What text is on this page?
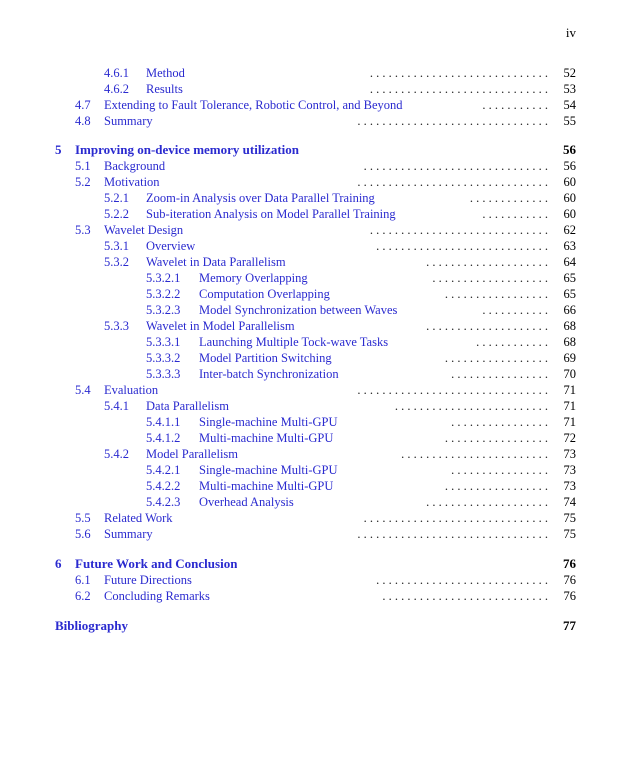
iv
4.6.1 Method	52
. . . . . . . . . . . . . . . . . . . . . . . . . . . . .
4.6.2 Results	53
. . . . . . . . . . . . . . . . . . . . . . . . . . . . .
4.7 Extending to Fault Tolerance, Robotic Control, and Beyond	54
. . . . . . . . . . .
4.8 Summary	55
. . . . . . . . . . . . . . . . . . . . . . . . . . . . . . .
5 Improving on-device memory utilization	56
5.1 Background	56
. . . . . . . . . . . . . . . . . . . . . . . . . . . . . .
5.2 Motivation	60
. . . . . . . . . . . . . . . . . . . . . . . . . . . . . . .
5.2.1 Zoom-in Analysis over Data Parallel Training	60
. . . . . . . . . . . . .
5.2.2 Sub-iteration Analysis on Model Parallel Training	60
. . . . . . . . . . .
5.3 Wavelet Design	62
. . . . . . . . . . . . . . . . . . . . . . . . . . . . .
5.3.1 Overview	63
. . . . . . . . . . . . . . . . . . . . . . . . . . . .
5.3.2 Wavelet in Data Parallelism	64
. . . . . . . . . . . . . . . . . . . .
5.3.2.1 Memory Overlapping	65
. . . . . . . . . . . . . . . . . . .
5.3.2.2 Computation Overlapping	65
. . . . . . . . . . . . . . . . .
5.3.2.3 Model Synchronization between Waves	66
. . . . . . . . . . .
5.3.3 Wavelet in Model Parallelism	68
. . . . . . . . . . . . . . . . . . . .
5.3.3.1 Launching Multiple Tock-wave Tasks	68
. . . . . . . . . . . .
5.3.3.2 Model Partition Switching	69
. . . . . . . . . . . . . . . . .
5.3.3.3 Inter-batch Synchronization	70
. . . . . . . . . . . . . . . .
5.4 Evaluation	71
. . . . . . . . . . . . . . . . . . . . . . . . . . . . . . .
5.4.1 Data Parallelism	71
. . . . . . . . . . . . . . . . . . . . . . . . .
5.4.1.1 Single-machine Multi-GPU	71
. . . . . . . . . . . . . . . .
5.4.1.2 Multi-machine Multi-GPU	72
. . . . . . . . . . . . . . . . .
5.4.2 Model Parallelism	73
. . . . . . . . . . . . . . . . . . . . . . . .
5.4.2.1 Single-machine Multi-GPU	73
. . . . . . . . . . . . . . . .
5.4.2.2 Multi-machine Multi-GPU	73
. . . . . . . . . . . . . . . . .
5.4.2.3 Overhead Analysis	74
. . . . . . . . . . . . . . . . . . . .
5.5 Related Work	75
. . . . . . . . . . . . . . . . . . . . . . . . . . . . . .
5.6 Summary	75
. . . . . . . . . . . . . . . . . . . . . . . . . . . . . . .
6 Future Work and Conclusion	76
6.1 Future Directions	76
. . . . . . . . . . . . . . . . . . . . . . . . . . . .
6.2 Concluding Remarks	76
. . . . . . . . . . . . . . . . . . . . . . . . . . .
Bibliography	77
